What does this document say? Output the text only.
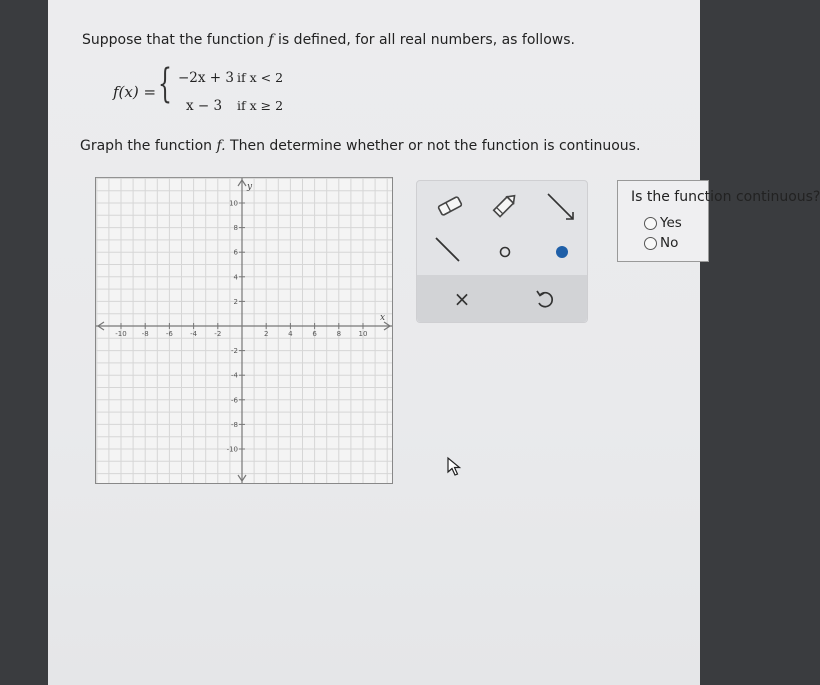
Suppose that the function f is defined, for all real numbers, as follows.
f(x) = { −2x + 3 if x < 2
x − 3 if x ≥ 2
Graph the function f. Then determine whether or not the function is continuous.
x
y
-10 -8 -6 -4 -2	2	4	6	8	10
10
8
6
4
2
-2
-4
-6
-8
-10
×
Is the function continuous?
Yes
No
